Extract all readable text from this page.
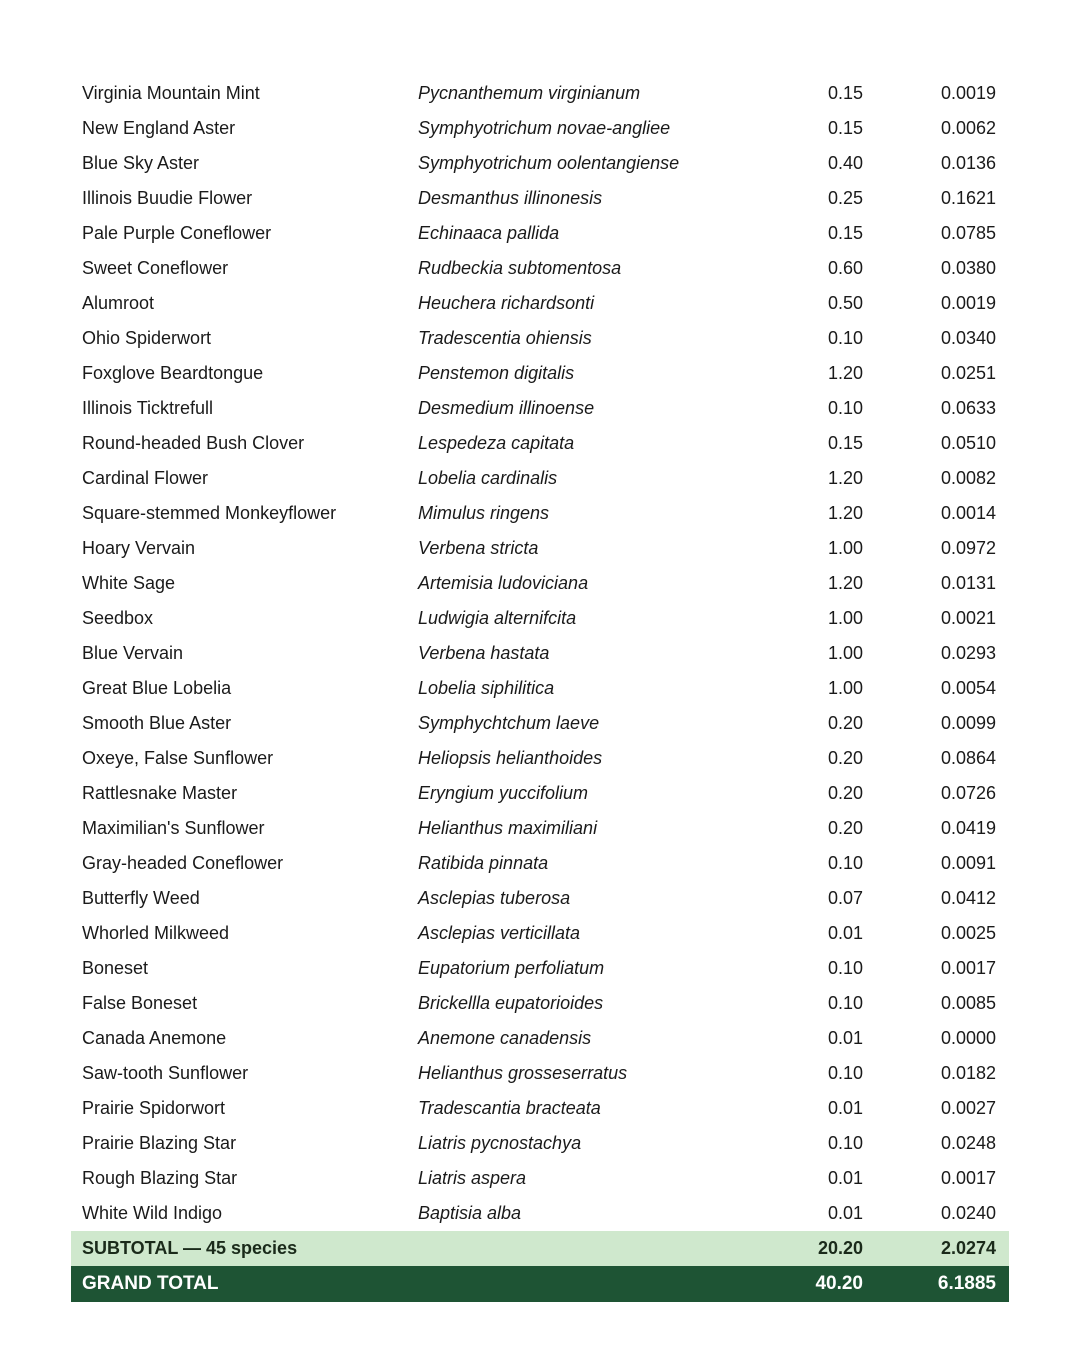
Virginia Mountain Mint	Pycnanthemum virginianum	0.15	0.0019
New England Aster	Symphyotrichum novae-angliee	0.15	0.0062
Blue Sky Aster	Symphyotrichum oolentangiense	0.40	0.0136
Illinois Buudie Flower	Desmanthus illinonesis	0.25	0.1621
Pale Purple Coneflower	Echinaaca pallida	0.15	0.0785
Sweet Coneflower	Rudbeckia subtomentosa	0.60	0.0380
Alumroot	Heuchera richardsonti	0.50	0.0019
Ohio Spiderwort	Tradescentia ohiensis	0.10	0.0340
Foxglove Beardtongue	Penstemon digitalis	1.20	0.0251
Illinois Ticktrefull	Desmedium illinoense	0.10	0.0633
Round-headed Bush Clover	Lespedeza capitata	0.15	0.0510
Cardinal Flower	Lobelia cardinalis	1.20	0.0082
Square-stemmed Monkeyflower	Mimulus ringens	1.20	0.0014
Hoary Vervain	Verbena stricta	1.00	0.0972
White Sage	Artemisia ludoviciana	1.20	0.0131
Seedbox	Ludwigia alternifcita	1.00	0.0021
Blue Vervain	Verbena hastata	1.00	0.0293
Great Blue Lobelia	Lobelia siphilitica	1.00	0.0054
Smooth Blue Aster	Symphychtchum laeve	0.20	0.0099
Oxeye, False Sunflower	Heliopsis helianthoides	0.20	0.0864
Rattlesnake Master	Eryngium yuccifolium	0.20	0.0726
Maximilian's Sunflower	Helianthus maximiliani	0.20	0.0419
Gray-headed Coneflower	Ratibida pinnata	0.10	0.0091
Butterfly Weed	Asclepias tuberosa	0.07	0.0412
Whorled Milkweed	Asclepias verticillata	0.01	0.0025
Boneset	Eupatorium perfoliatum	0.10	0.0017
False Boneset	Brickellla eupatorioides	0.10	0.0085
Canada Anemone	Anemone canadensis	0.01	0.0000
Saw-tooth Sunflower	Helianthus grosseserratus	0.10	0.0182
Prairie Spidorwort	Tradescantia bracteata	0.01	0.0027
Prairie Blazing Star	Liatris pycnostachya	0.10	0.0248
Rough Blazing Star	Liatris aspera	0.01	0.0017
White Wild Indigo	Baptisia alba	0.01	0.0240
SUBTOTAL — 45 species		20.20	2.0274
GRAND TOTAL		40.20	6.1885
